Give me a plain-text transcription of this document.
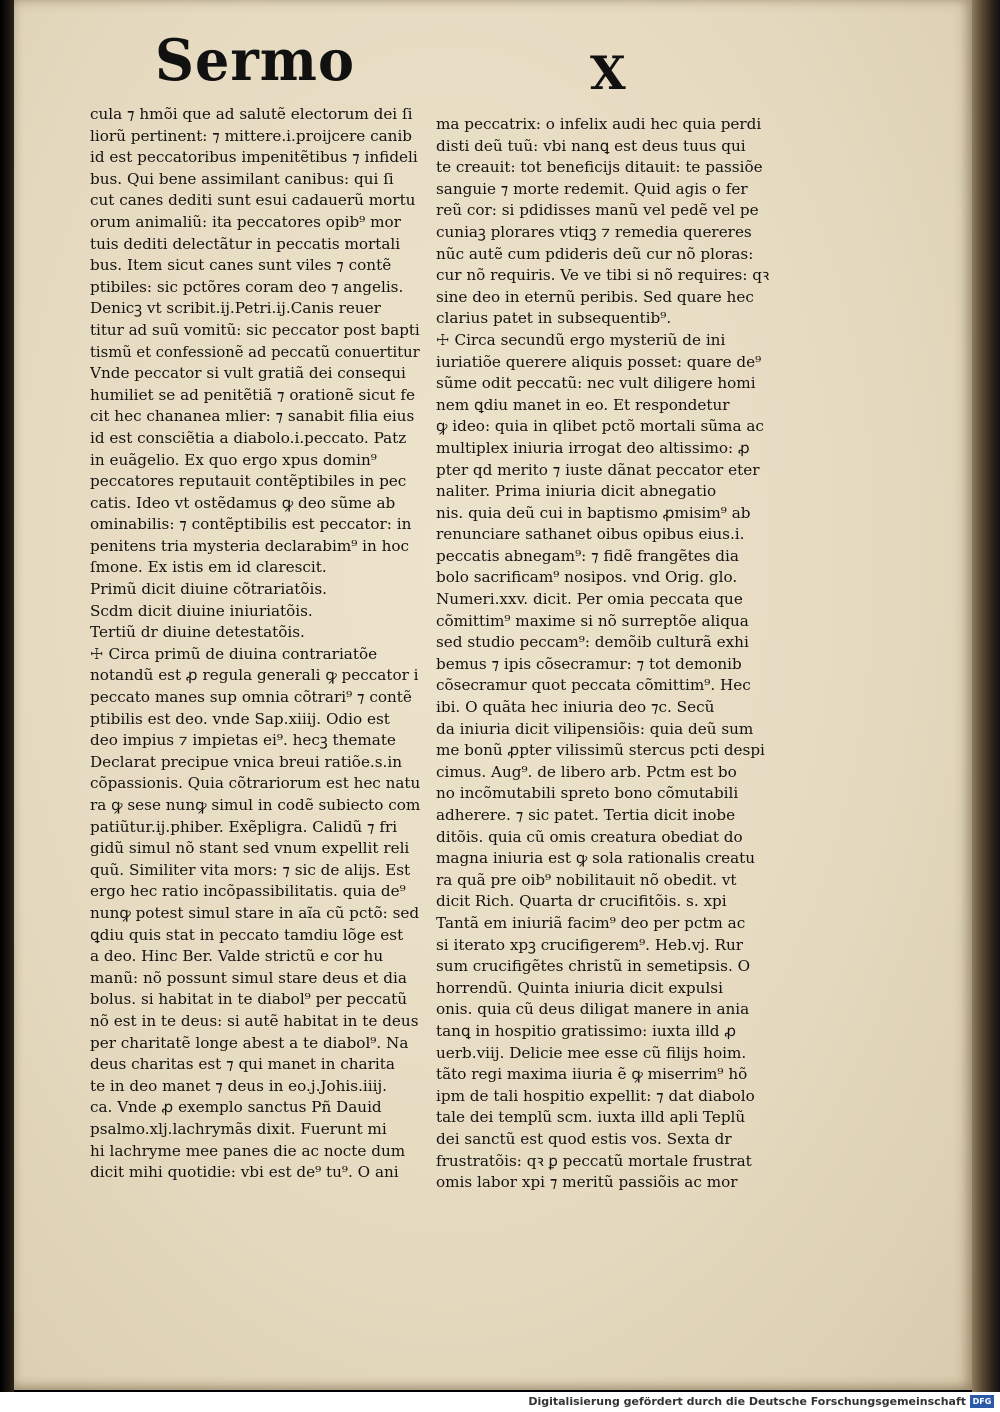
Sermo	X
cula ⁊ hmõi que ad salutẽ electorum dei ſi
liorũ pertinent: ⁊ mittere.i.proijcere canib
id est peccatoribus impenitẽtibus ⁊ infideli
bus. Qui bene assimilant canibus: qui ſi
cut canes dediti sunt esui cadauerũ mortu
orum animaliũ: ita peccatores opib⁹ mor
tuis dediti delectãtur in peccatis mortali
bus. Item sicut canes sunt viles ⁊ contẽ
ptibiles: sic pctõres coram deo ⁊ angelis.
Denicꝫ vt scribit.ij.Petri.ij.Canis reuer
titur ad suũ vomitũ: sic peccator post bapti
tismũ et confessionẽ ad peccatũ conuertitur
Vnde peccator si vult gratiã dei consequi
humiliet se ad penitẽtiã ⁊ orationẽ sicut fe
cit hec chananea mlier: ⁊ sanabit filia eius
id est consciẽtia a diabolo.i.peccato. Patz
in euãgelio. Ex quo ergo xpus domin⁹
peccatores reputauit contẽptibiles in pec
catis. Ideo vt ostẽdamus ꝙ deo sũme ab
ominabilis: ⁊ contẽptibilis est peccator: in
penitens tria mysteria declarabim⁹ in hoc
ſmone. Ex istis em id clarescit.
Primũ dicit diuine cõtrariatõis.
Scdm dicit diuine iniuriatõis.
Tertiũ dr diuine detestatõis.
☩ Circa primũ de diuina contrariatõe
notandũ est ꝓ regula generali ꝙ peccator i
peccato manes sup omnia cõtrari⁹ ⁊ contẽ
ptibilis est deo. vnde Sap.xiiij. Odio est
deo impius ⁊ impietas ei⁹. hecꝫ themate
Declarat precipue vnica breui ratiõe.s.in
cõpassionis. Quia cõtrariorum est hec natu
ra ꝙ sese nunꝙ simul in codẽ subiecto com
patiũtur.ij.phiber. Exẽpligra. Calidũ ⁊ fri
gidũ simul nõ stant sed vnum expellit reli
quũ. Similiter vita mors: ⁊ sic de alijs. Est
ergo hec ratio incõpassibilitatis. quia de⁹
nunꝙ potest simul stare in aĩa cũ pctõ: sed
ꝗdiu quis stat in peccato tamdiu lõge est
a deo. Hinc Ber. Valde strictũ e cor hu
manũ: nõ possunt simul stare deus et dia
bolus. si habitat in te diabol⁹ per peccatũ
nõ est in te deus: si autẽ habitat in te deus
per charitatẽ longe abest a te diabol⁹. Na
deus charitas est ⁊ qui manet in charita
te in deo manet ⁊ deus in eo.j.Johis.iiij.
ca. Vnde ꝓ exemplo sanctus Pñ Dauid
psalmo.xlj.lachrymãs dixit. Fuerunt mi
hi lachryme mee panes die ac nocte dum
dicit mihi quotidie: vbi est de⁹ tu⁹. O ani
ma peccatrix: o infelix audi hec quia perdi
disti deũ tuũ: vbi nanꝗ est deus tuus qui
te creauit: tot beneficijs ditauit: te passiõe
sanguie ⁊ morte redemit. Quid agis o fer
reũ cor: si pdidisses manũ vel pedẽ vel pe
cuniaꝫ plorares vtiqꝫ ⁊ remedia quereres
nũc autẽ cum pdideris deũ cur nõ ploras:
cur nõ requiris. Ve ve tibi si nõ requires: qꝛ
sine deo in eternũ peribis. Sed quare hec
clarius patet in subsequentib⁹.
☩ Circa secundũ ergo mysteriũ de ini
iuriatiõe querere aliquis posset: quare de⁹
sũme odit peccatũ: nec vult diligere homi
nem ꝗdiu manet in eo. Et respondetur
ꝙ ideo: quia in qlibet pctõ mortali sũma ac
multiplex iniuria irrogat deo altissimo: ꝓ
pter qd merito ⁊ iuste dãnat peccator eter
naliter. Prima iniuria dicit abnegatio
nis. quia deũ cui in baptismo ꝓmisim⁹ ab
renunciare sathanet oibus opibus eius.i.
peccatis abnegam⁹: ⁊ fidẽ frangẽtes dia
bolo sacrificam⁹ nosipos. vnd Orig. glo.
Numeri.xxv. dicit. Per omia peccata que
cõmittim⁹ maxime si nõ surreptõe aliqua
sed studio peccam⁹: demõib culturã exhi
bemus ⁊ ipis cõsecramur: ⁊ tot demonib
cõsecramur quot peccata cõmittim⁹. Hec
ibi. O quãta hec iniuria deo ⁊c. Secũ
da iniuria dicit vilipensiõis: quia deũ sum
me bonũ ꝓpter vilissimũ stercus pcti despi
cimus. Aug⁹. de libero arb. Pctm est bo
no incõmutabili spreto bono cõmutabili
adherere. ⁊ sic patet. Tertia dicit inobe
ditõis. quia cũ omis creatura obediat do
magna iniuria est ꝙ sola rationalis creatu
ra quã pre oib⁹ nobilitauit nõ obedit. vt
dicit Rich. Quarta dr crucifitõis. s. xpi
Tantã em iniuriã facim⁹ deo per pctm ac
si iterato xpꝫ crucifigerem⁹. Heb.vj. Rur
sum crucifigẽtes christũ in semetipsis. O
horrendũ. Quinta iniuria dicit expulsi
onis. quia cũ deus diligat manere in ania
tanꝗ in hospitio gratissimo: iuxta illd ꝓ
uerb.viij. Delicie mee esse cũ filijs hoim.
tãto regi maxima iiuria ẽ ꝙ miserrim⁹ hõ
ipm de tali hospitio expellit: ⁊ dat diabolo
tale dei templũ scm. iuxta illd apli Teplũ
dei sanctũ est quod estis vos. Sexta dr
frustratõis: qꝛ ꝑ peccatũ mortale frustrat
omis labor xpi ⁊ meritũ passiõis ac mor
Digitalisierung gefördert durch die Deutsche Forschungsgemeinschaft DFG
